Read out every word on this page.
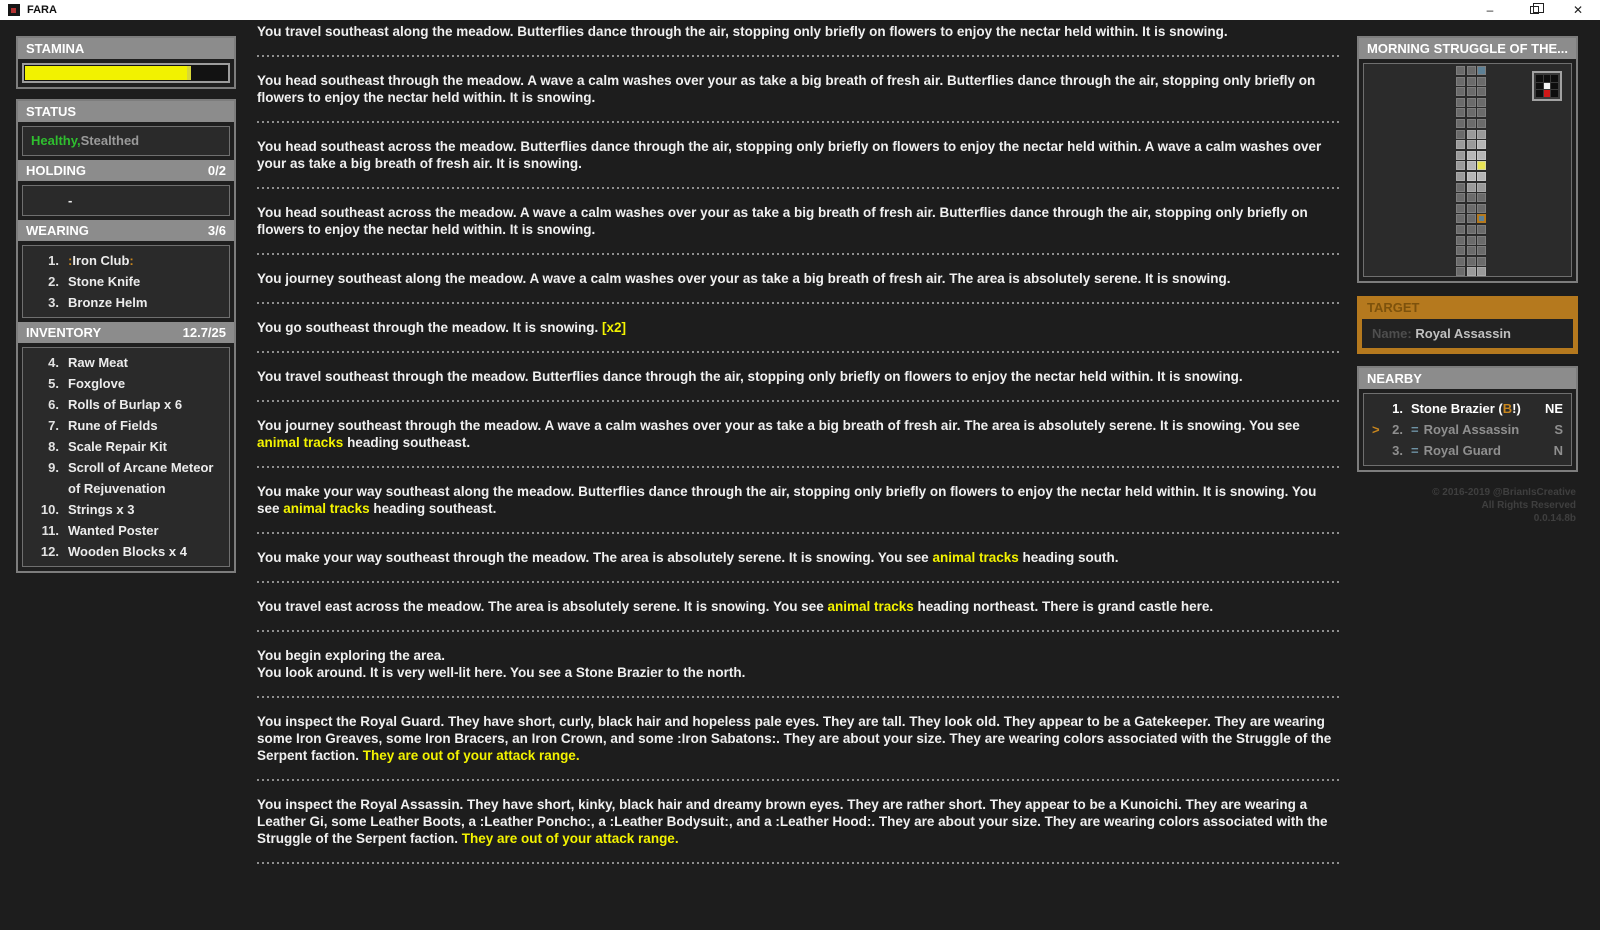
FARA	–	✕
STAMINA
STATUS
Healthy,Stealthed
HOLDING	0/2
-
WEARING	3/6
1. :Iron Club:
2. Stone Knife
3. Bronze Helm
INVENTORY	12.7/25
4. Raw Meat
5. Foxglove
6. Rolls of Burlap x 6
7. Rune of Fields
8. Scale Repair Kit
9. Scroll of Arcane Meteor of Rejuvenation
10. Strings x 3
11. Wanted Poster
12. Wooden Blocks x 4
You travel southeast along the meadow. Butterflies dance through the air, stopping only briefly on flowers to enjoy the nectar held within. It is snowing.
You head southeast through the meadow. A wave a calm washes over your as take a big breath of fresh air. Butterflies dance through the air, stopping only briefly on flowers to enjoy the nectar held within. It is snowing.
You head southeast across the meadow. Butterflies dance through the air, stopping only briefly on flowers to enjoy the nectar held within. A wave a calm washes over your as take a big breath of fresh air. It is snowing.
You head southeast across the meadow. A wave a calm washes over your as take a big breath of fresh air. Butterflies dance through the air, stopping only briefly on flowers to enjoy the nectar held within. It is snowing.
You journey southeast along the meadow. A wave a calm washes over your as take a big breath of fresh air. The area is absolutely serene. It is snowing.
You go southeast through the meadow. It is snowing. [x2]
You travel southeast through the meadow. Butterflies dance through the air, stopping only briefly on flowers to enjoy the nectar held within. It is snowing.
You journey southeast through the meadow. A wave a calm washes over your as take a big breath of fresh air. The area is absolutely serene. It is snowing. You see animal tracks heading southeast.
You make your way southeast along the meadow. Butterflies dance through the air, stopping only briefly on flowers to enjoy the nectar held within. It is snowing. You see animal tracks heading southeast.
You make your way southeast through the meadow. The area is absolutely serene. It is snowing. You see animal tracks heading south.
You travel east across the meadow. The area is absolutely serene. It is snowing. You see animal tracks heading northeast. There is grand castle here.
You begin exploring the area.
You look around. It is very well-lit here. You see a Stone Brazier to the north.
You inspect the Royal Guard. They have short, curly, black hair and hopeless pale eyes. They are tall. They look old. They appear to be a Gatekeeper. They are wearing some Iron Greaves, some Iron Bracers, an Iron Crown, and some :Iron Sabatons:. They are about your size. They are wearing colors associated with the Struggle of the Serpent faction. They are out of your attack range.
You inspect the Royal Assassin. They have short, kinky, black hair and dreamy brown eyes. They are rather short. They appear to be a Kunoichi. They are wearing a Leather Gi, some Leather Boots, a :Leather Poncho:, a :Leather Bodysuit:, and a :Leather Hood:. They are about your size. They are wearing colors associated with the Struggle of the Serpent faction. They are out of your attack range.
MORNING STRUGGLE OF THE...
TARGET
Name: Royal Assassin
NEARBY
1. Stone Brazier (B!)	NE
> 2. = Royal Assassin	S
3. = Royal Guard	N
© 2016-2019 @BrianIsCreative
All Rights Reserved
0.0.14.8b
